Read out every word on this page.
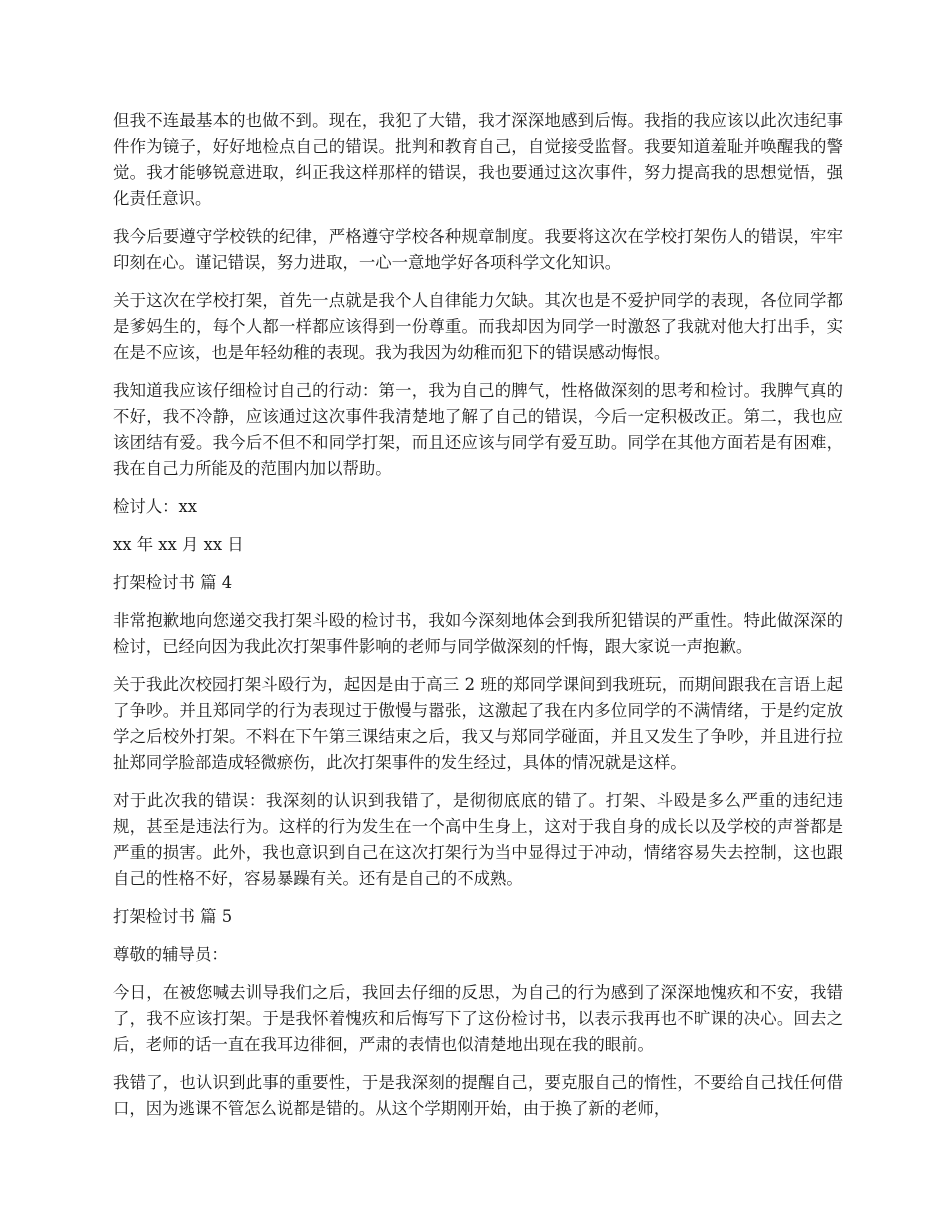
但我不连最基本的也做不到。现在，我犯了大错，我才深深地感到后悔。我指的我应该以此次违纪事件作为镜子，好好地检点自己的错误。批判和教育自己，自觉接受监督。我要知道羞耻并唤醒我的警觉。我才能够锐意进取，纠正我这样那样的错误，我也要通过这次事件，努力提高我的思想觉悟，强化责任意识。

我今后要遵守学校铁的纪律，严格遵守学校各种规章制度。我要将这次在学校打架伤人的错误，牢牢印刻在心。谨记错误，努力进取，一心一意地学好各项科学文化知识。

关于这次在学校打架，首先一点就是我个人自律能力欠缺。其次也是不爱护同学的表现，各位同学都是爹妈生的，每个人都一样都应该得到一份尊重。而我却因为同学一时激怒了我就对他大打出手，实在是不应该，也是年轻幼稚的表现。我为我因为幼稚而犯下的错误感动悔恨。

我知道我应该仔细检讨自己的行动：第一，我为自己的脾气，性格做深刻的思考和检讨。我脾气真的不好，我不冷静，应该通过这次事件我清楚地了解了自己的错误，今后一定积极改正。第二，我也应该团结有爱。我今后不但不和同学打架，而且还应该与同学有爱互助。同学在其他方面若是有困难，我在自己力所能及的范围内加以帮助。

检讨人：xx

xx 年 xx 月 xx 日

打架检讨书 篇 4

非常抱歉地向您递交我打架斗殴的检讨书，我如今深刻地体会到我所犯错误的严重性。特此做深深的检讨，已经向因为我此次打架事件影响的老师与同学做深刻的忏悔，跟大家说一声抱歉。

关于我此次校园打架斗殴行为，起因是由于高三 2 班的郑同学课间到我班玩，而期间跟我在言语上起了争吵。并且郑同学的行为表现过于傲慢与嚣张，这激起了我在内多位同学的不满情绪，于是约定放学之后校外打架。不料在下午第三课结束之后，我又与郑同学碰面，并且又发生了争吵，并且进行拉扯郑同学脸部造成轻微瘀伤，此次打架事件的发生经过，具体的情况就是这样。

对于此次我的错误：我深刻的认识到我错了，是彻彻底底的错了。打架、斗殴是多么严重的违纪违规，甚至是违法行为。这样的行为发生在一个高中生身上，这对于我自身的成长以及学校的声誉都是严重的损害。此外，我也意识到自己在这次打架行为当中显得过于冲动，情绪容易失去控制，这也跟自己的性格不好，容易暴躁有关。还有是自己的不成熟。

打架检讨书 篇 5

尊敬的辅导员：

今日，在被您喊去训导我们之后，我回去仔细的反思，为自己的行为感到了深深地愧疚和不安，我错了，我不应该打架。于是我怀着愧疚和后悔写下了这份检讨书，以表示我再也不旷课的决心。回去之后，老师的话一直在我耳边徘徊，严肃的表情也似清楚地出现在我的眼前。

我错了，也认识到此事的重要性，于是我深刻的提醒自己，要克服自己的惰性，不要给自己找任何借口，因为逃课不管怎么说都是错的。从这个学期刚开始，由于换了新的老师，
